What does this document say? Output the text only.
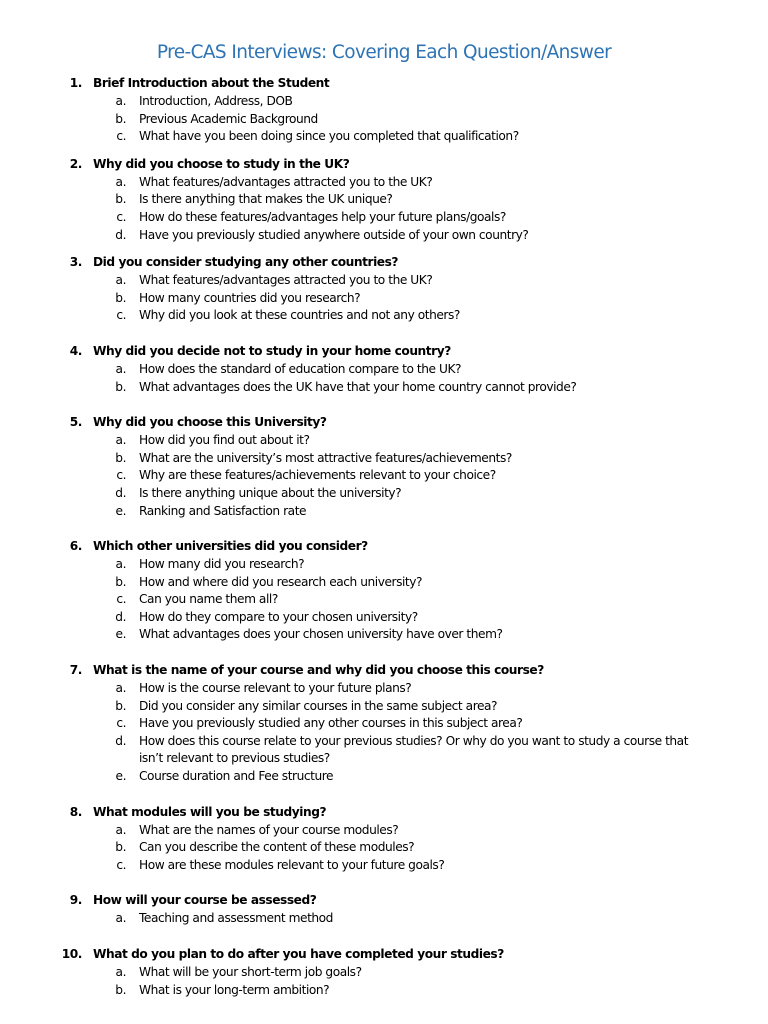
Pre-CAS Interviews: Covering Each Question/Answer
1. Brief Introduction about the Student
a. Introduction, Address, DOB
b. Previous Academic Background
c. What have you been doing since you completed that qualification?
2. Why did you choose to study in the UK?
a. What features/advantages attracted you to the UK?
b. Is there anything that makes the UK unique?
c. How do these features/advantages help your future plans/goals?
d. Have you previously studied anywhere outside of your own country?
3. Did you consider studying any other countries?
a. What features/advantages attracted you to the UK?
b. How many countries did you research?
c. Why did you look at these countries and not any others?
4. Why did you decide not to study in your home country?
a. How does the standard of education compare to the UK?
b. What advantages does the UK have that your home country cannot provide?
5. Why did you choose this University?
a. How did you find out about it?
b. What are the university’s most attractive features/achievements?
c. Why are these features/achievements relevant to your choice?
d. Is there anything unique about the university?
e. Ranking and Satisfaction rate
6. Which other universities did you consider?
a. How many did you research?
b. How and where did you research each university?
c. Can you name them all?
d. How do they compare to your chosen university?
e. What advantages does your chosen university have over them?
7. What is the name of your course and why did you choose this course?
a. How is the course relevant to your future plans?
b. Did you consider any similar courses in the same subject area?
c. Have you previously studied any other courses in this subject area?
d. How does this course relate to your previous studies? Or why do you want to study a course that isn’t relevant to previous studies?
e. Course duration and Fee structure
8. What modules will you be studying?
a. What are the names of your course modules?
b. Can you describe the content of these modules?
c. How are these modules relevant to your future goals?
9. How will your course be assessed?
a. Teaching and assessment method
10. What do you plan to do after you have completed your studies?
a. What will be your short-term job goals?
b. What is your long-term ambition?
